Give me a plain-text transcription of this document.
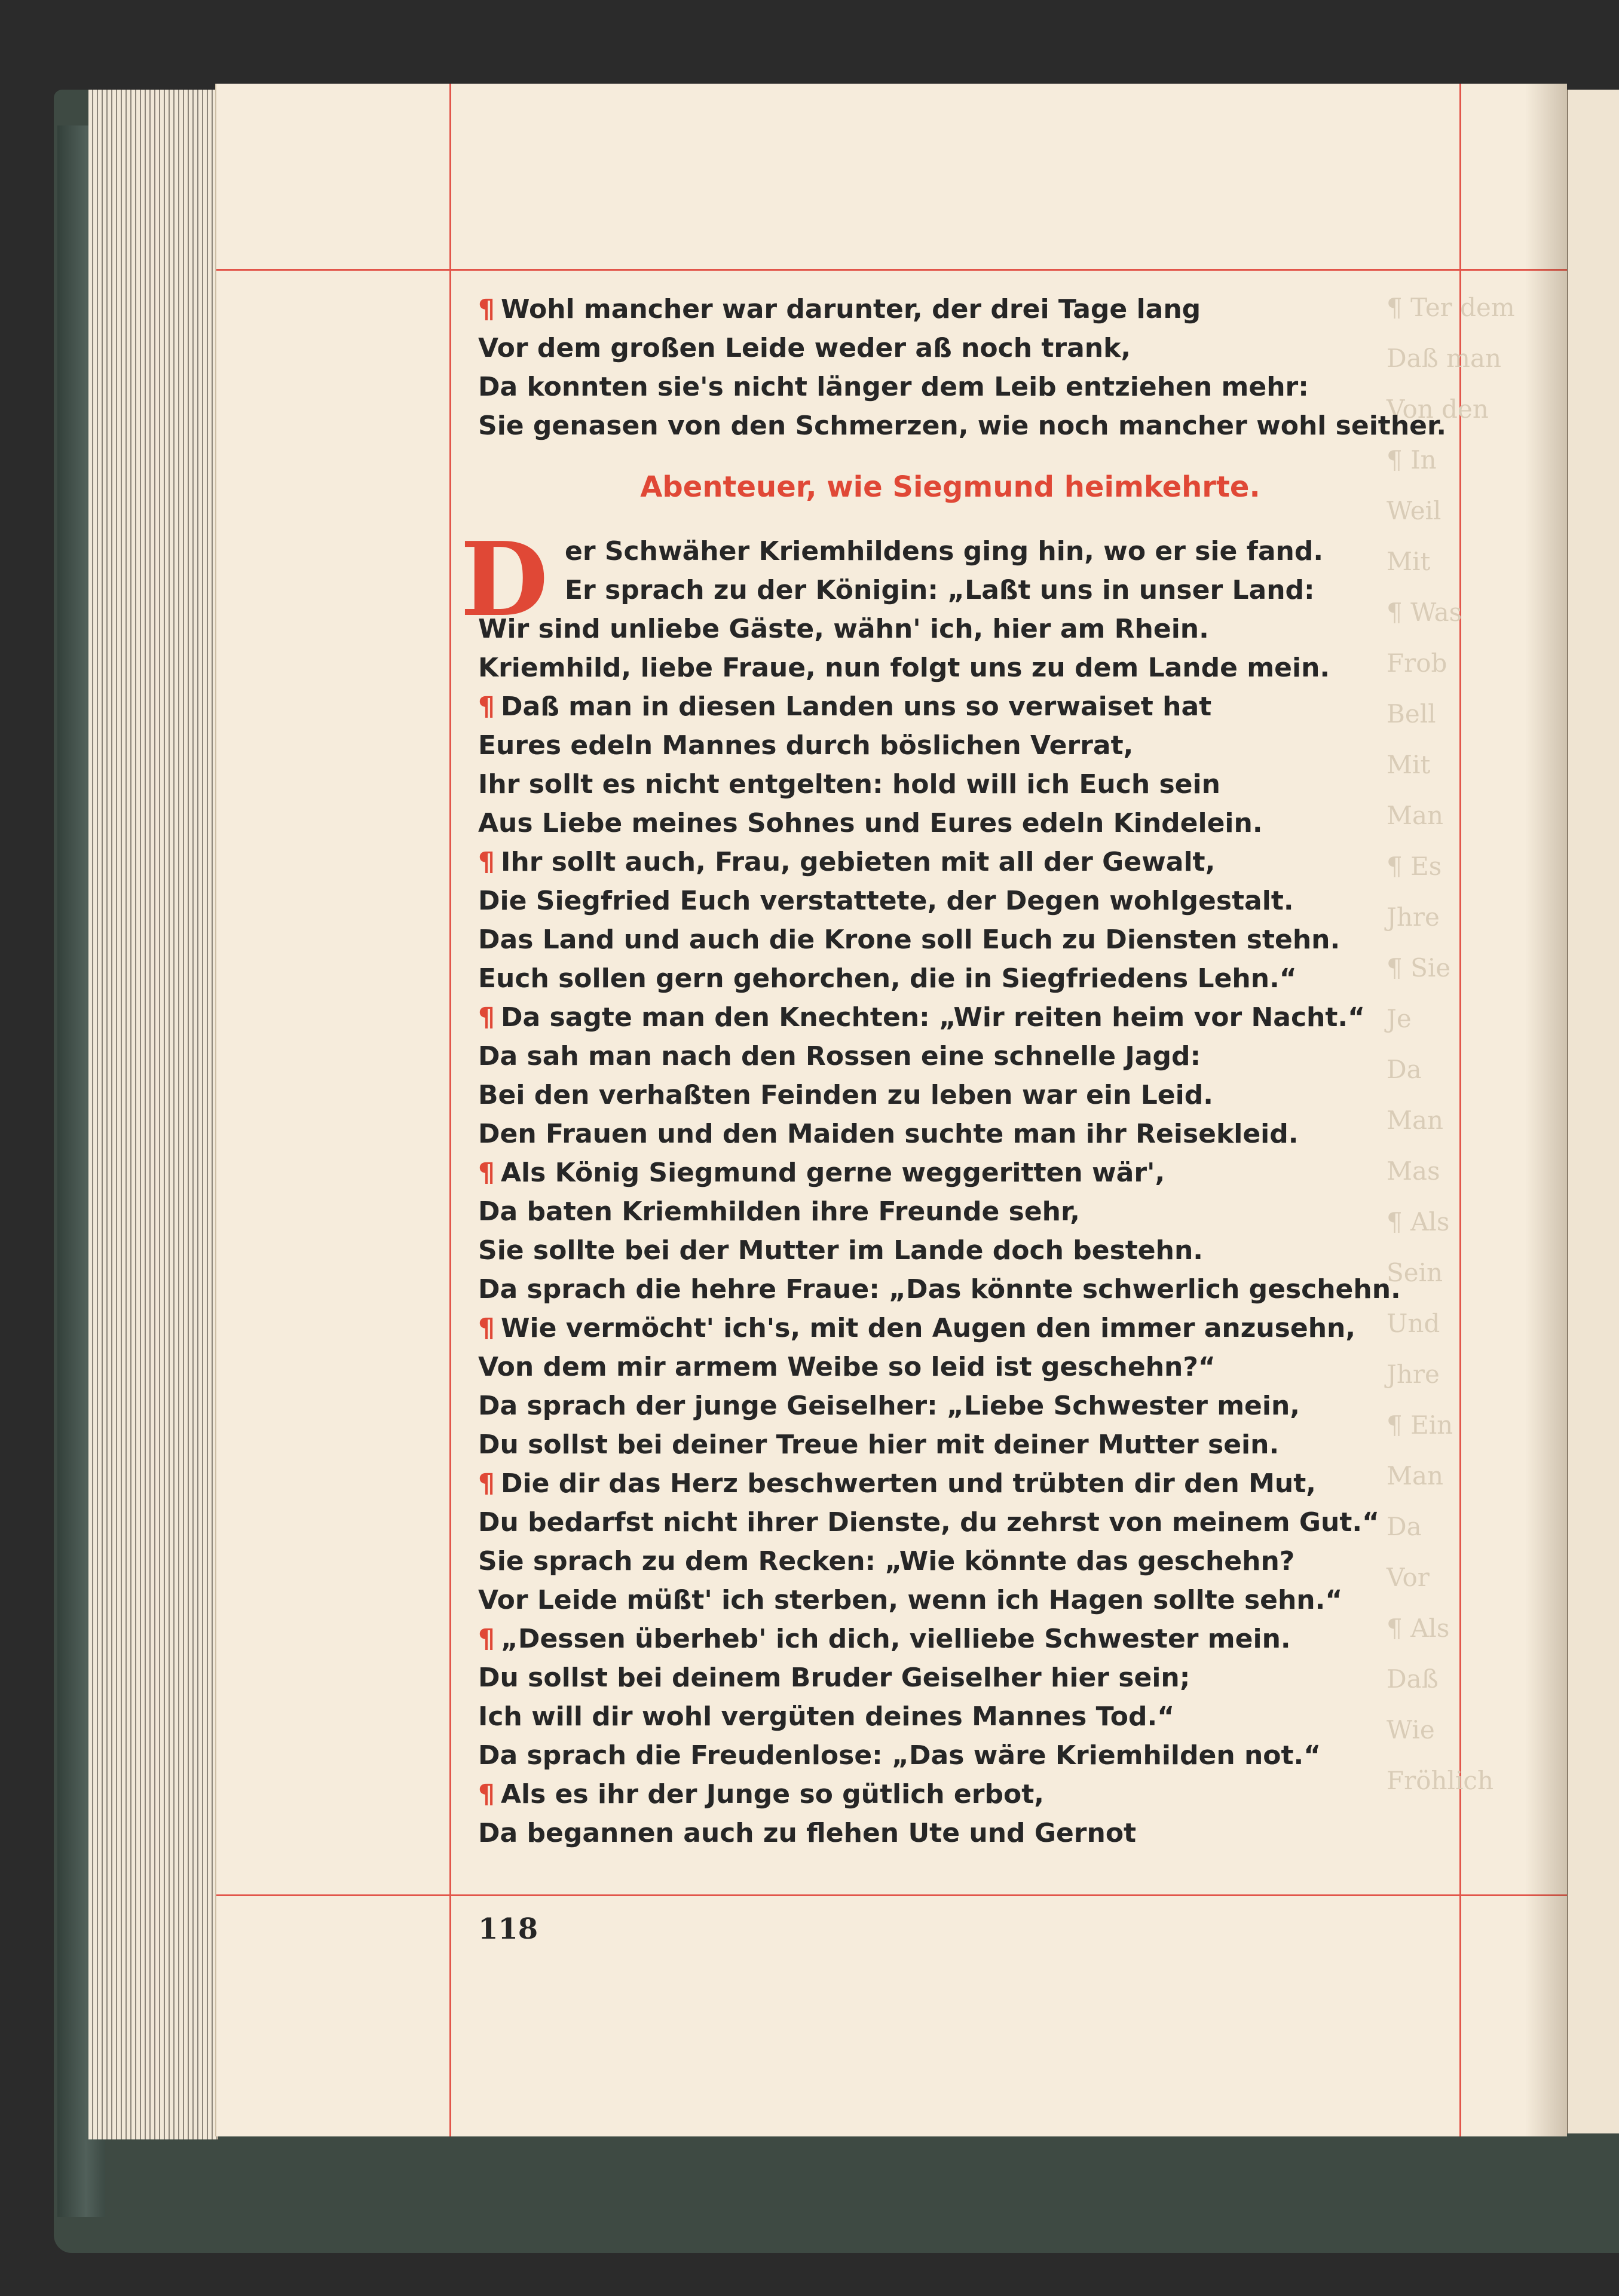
¶ Ter dem
Daß man
Von den
¶ In
Weil
Mit
¶ Was
Frob
Bell
Mit
Man
¶ Es
Jhre
¶ Sie
Je
Da
Man
Mas
¶ Als
Sein
Und
Jhre
¶ Ein
Man
Da
Vor
¶ Als
Daß
Wie
Fröhlich
¶ Wohl mancher war darunter, der drei Tage lang
Vor dem großen Leide weder aß noch trank,
Da konnten sie's nicht länger dem Leib entziehen mehr:
Sie genasen von den Schmerzen, wie noch mancher wohl seither.
Abenteuer, wie Siegmund heimkehrte.
D er Schwäher Kriemhildens ging hin, wo er sie fand.
Er sprach zu der Königin: „Laßt uns in unser Land:
Wir sind unliebe Gäste, wähn' ich, hier am Rhein.
Kriemhild, liebe Fraue, nun folgt uns zu dem Lande mein.
¶ Daß man in diesen Landen uns so verwaiset hat
Eures edeln Mannes durch böslichen Verrat,
Ihr sollt es nicht entgelten: hold will ich Euch sein
Aus Liebe meines Sohnes und Eures edeln Kindelein.
¶ Ihr sollt auch, Frau, gebieten mit all der Gewalt,
Die Siegfried Euch verstattete, der Degen wohlgestalt.
Das Land und auch die Krone soll Euch zu Diensten stehn.
Euch sollen gern gehorchen, die in Siegfriedens Lehn.“
¶ Da sagte man den Knechten: „Wir reiten heim vor Nacht.“
Da sah man nach den Rossen eine schnelle Jagd:
Bei den verhaßten Feinden zu leben war ein Leid.
Den Frauen und den Maiden suchte man ihr Reisekleid.
¶ Als König Siegmund gerne weggeritten wär',
Da baten Kriemhilden ihre Freunde sehr,
Sie sollte bei der Mutter im Lande doch bestehn.
Da sprach die hehre Fraue: „Das könnte schwerlich geschehn.
¶ Wie vermöcht' ich's, mit den Augen den immer anzusehn,
Von dem mir armem Weibe so leid ist geschehn?“
Da sprach der junge Geiselher: „Liebe Schwester mein,
Du sollst bei deiner Treue hier mit deiner Mutter sein.
¶ Die dir das Herz beschwerten und trübten dir den Mut,
Du bedarfst nicht ihrer Dienste, du zehrst von meinem Gut.“
Sie sprach zu dem Recken: „Wie könnte das geschehn?
Vor Leide müßt' ich sterben, wenn ich Hagen sollte sehn.“
¶ „Dessen überheb' ich dich, vielliebe Schwester mein.
Du sollst bei deinem Bruder Geiselher hier sein;
Ich will dir wohl vergüten deines Mannes Tod.“
Da sprach die Freudenlose: „Das wäre Kriemhilden not.“
¶ Als es ihr der Junge so gütlich erbot,
Da begannen auch zu flehen Ute und Gernot
118
